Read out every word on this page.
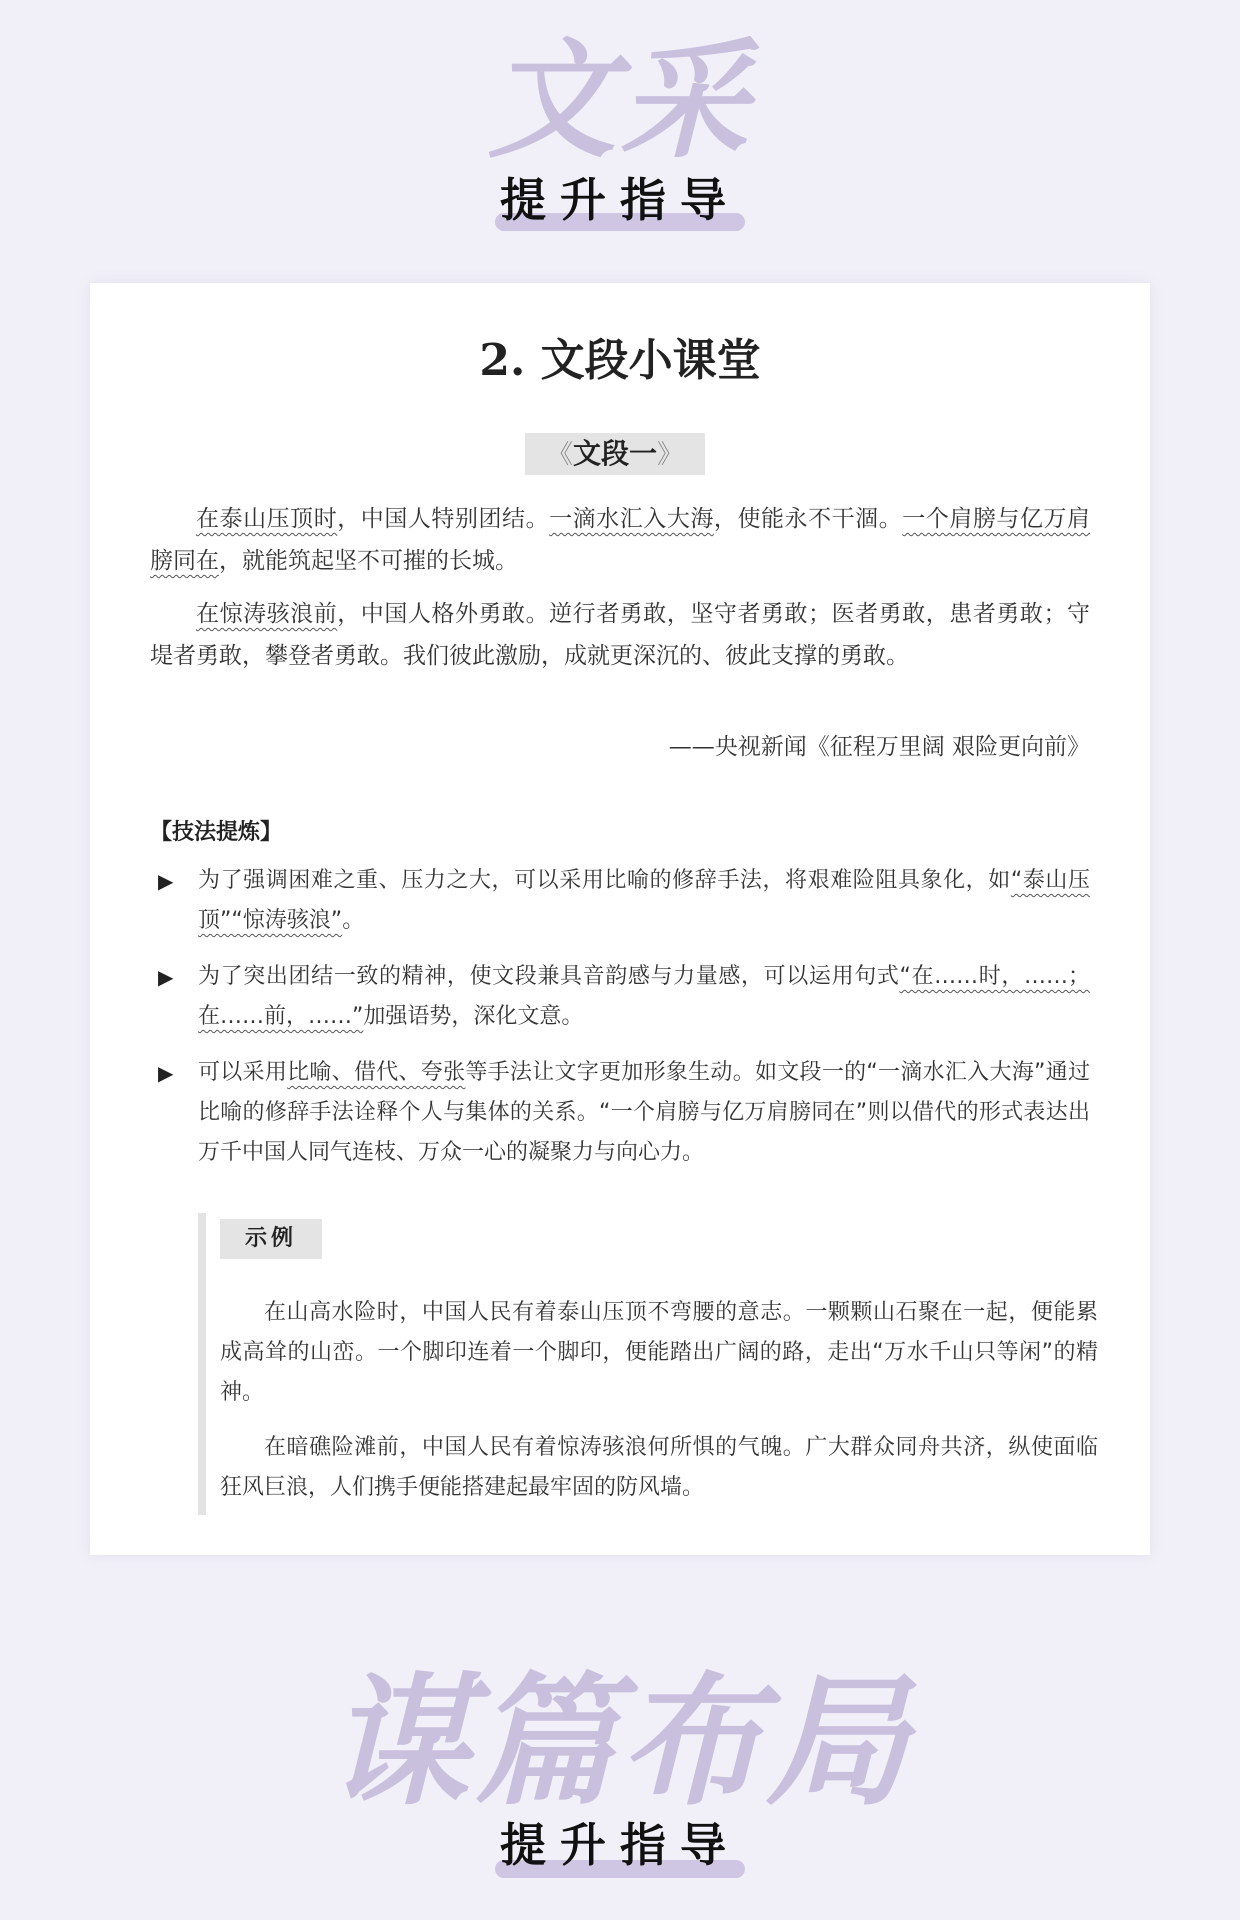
文采
提升指导
2. 文段小课堂
《文段一》

在泰山压顶时，中国人特别团结。一滴水汇入大海，使能永不干涸。一个肩膀与亿万肩膀同在，就能筑起坚不可摧的长城。

在惊涛骇浪前，中国人格外勇敢。逆行者勇敢，坚守者勇敢；医者勇敢，患者勇敢；守堤者勇敢，攀登者勇敢。我们彼此激励，成就更深沉的、彼此支撑的勇敢。

——央视新闻《征程万里阔 艰险更向前》
【技法提炼】
▶ 为了强调困难之重、压力之大，可以采用比喻的修辞手法，将艰难险阻具象化，如“泰山压顶”“惊涛骇浪”。
▶ 为了突出团结一致的精神，使文段兼具音韵感与力量感，可以运用句式“在……时，……；在……前，……”加强语势，深化文意。
▶ 可以采用比喻、借代、夸张等手法让文字更加形象生动。如文段一的“一滴水汇入大海”通过比喻的修辞手法诠释个人与集体的关系。“一个肩膀与亿万肩膀同在”则以借代的形式表达出万千中国人同气连枝、万众一心的凝聚力与向心力。
示例

在山高水险时，中国人民有着泰山压顶不弯腰的意志。一颗颗山石聚在一起，便能累成高耸的山峦。一个脚印连着一个脚印，便能踏出广阔的路，走出“万水千山只等闲”的精神。

在暗礁险滩前，中国人民有着惊涛骇浪何所惧的气魄。广大群众同舟共济，纵使面临狂风巨浪，人们携手便能搭建起最牢固的防风墙。

谋篇布局
提升指导
